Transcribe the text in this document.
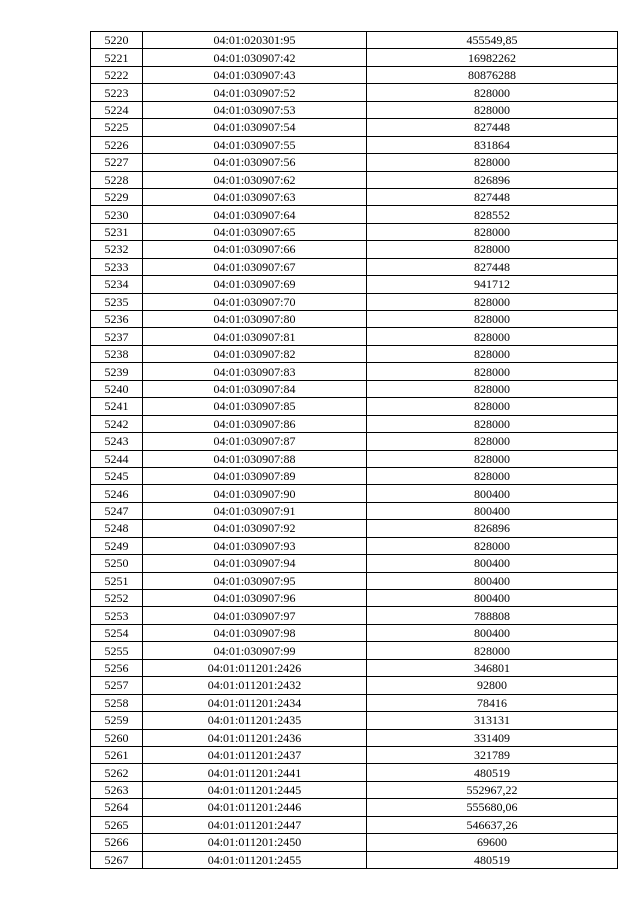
5220	04:01:020301:95	455549,85
5221	04:01:030907:42	16982262
5222	04:01:030907:43	80876288
5223	04:01:030907:52	828000
5224	04:01:030907:53	828000
5225	04:01:030907:54	827448
5226	04:01:030907:55	831864
5227	04:01:030907:56	828000
5228	04:01:030907:62	826896
5229	04:01:030907:63	827448
5230	04:01:030907:64	828552
5231	04:01:030907:65	828000
5232	04:01:030907:66	828000
5233	04:01:030907:67	827448
5234	04:01:030907:69	941712
5235	04:01:030907:70	828000
5236	04:01:030907:80	828000
5237	04:01:030907:81	828000
5238	04:01:030907:82	828000
5239	04:01:030907:83	828000
5240	04:01:030907:84	828000
5241	04:01:030907:85	828000
5242	04:01:030907:86	828000
5243	04:01:030907:87	828000
5244	04:01:030907:88	828000
5245	04:01:030907:89	828000
5246	04:01:030907:90	800400
5247	04:01:030907:91	800400
5248	04:01:030907:92	826896
5249	04:01:030907:93	828000
5250	04:01:030907:94	800400
5251	04:01:030907:95	800400
5252	04:01:030907:96	800400
5253	04:01:030907:97	788808
5254	04:01:030907:98	800400
5255	04:01:030907:99	828000
5256	04:01:011201:2426	346801
5257	04:01:011201:2432	92800
5258	04:01:011201:2434	78416
5259	04:01:011201:2435	313131
5260	04:01:011201:2436	331409
5261	04:01:011201:2437	321789
5262	04:01:011201:2441	480519
5263	04:01:011201:2445	552967,22
5264	04:01:011201:2446	555680,06
5265	04:01:011201:2447	546637,26
5266	04:01:011201:2450	69600
5267	04:01:011201:2455	480519
